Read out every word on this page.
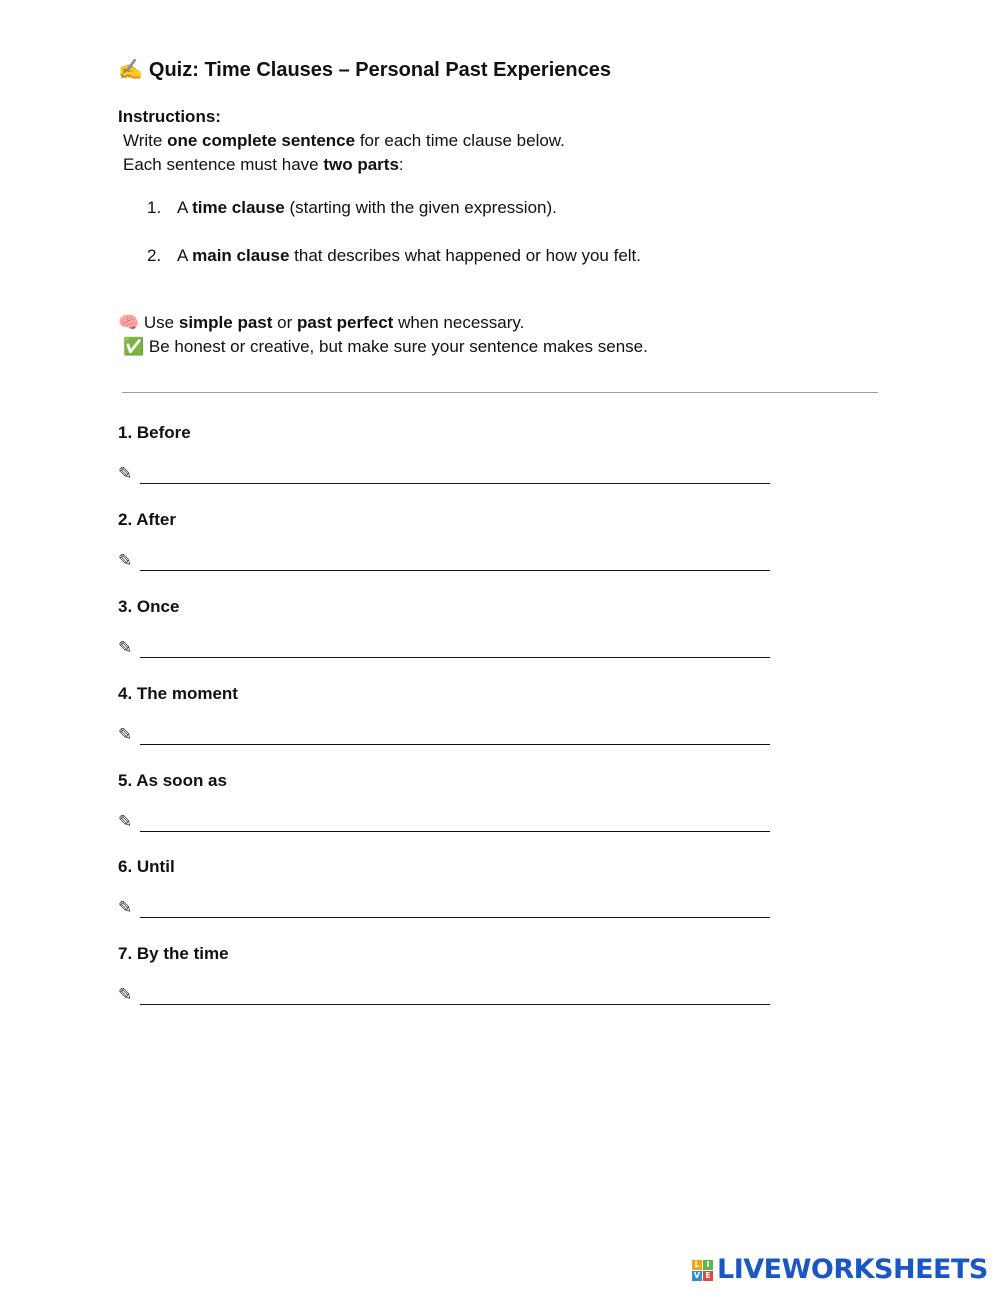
✍️ Quiz: Time Clauses – Personal Past Experiences
Instructions:
Write one complete sentence for each time clause below.
Each sentence must have two parts:
1. A time clause (starting with the given expression).
2. A main clause that describes what happened or how you felt.
🧠 Use simple past or past perfect when necessary.
✅ Be honest or creative, but make sure your sentence makes sense.
1. Before
✎
2. After
✎
3. Once
✎
4. The moment
✎
5. As soon as
✎
6. Until
✎
7. By the time
✎
L I
V E LIVEWORKSHEETS
